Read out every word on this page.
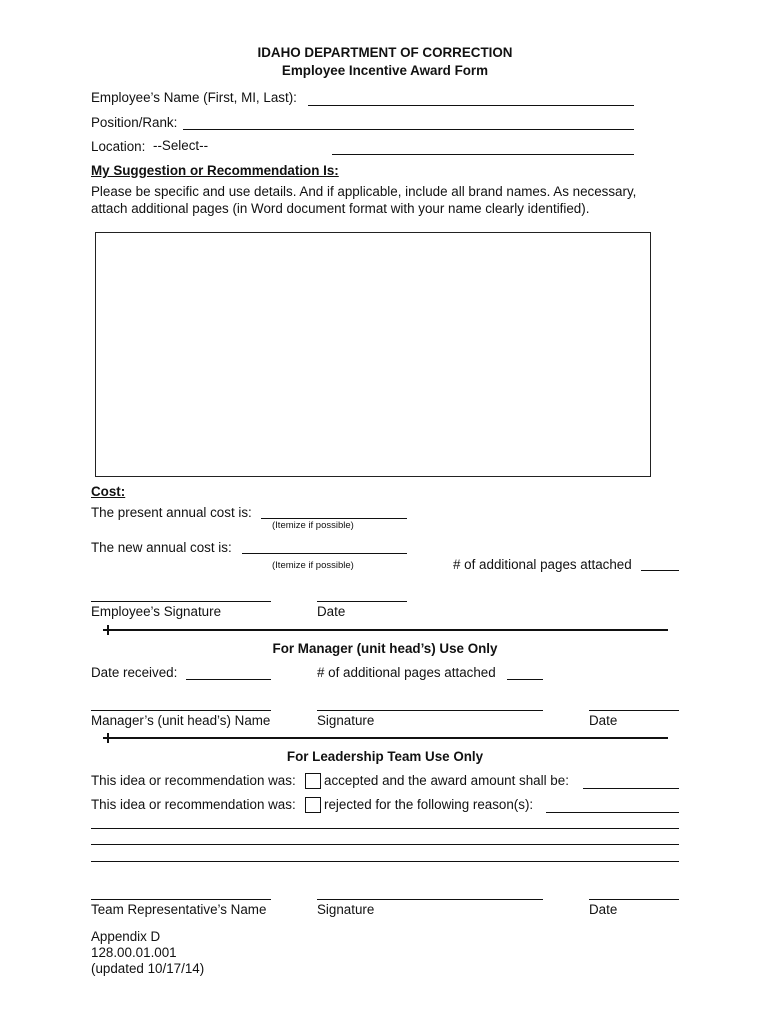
IDAHO DEPARTMENT OF CORRECTION
Employee Incentive Award Form
Employee’s Name (First, MI, Last):
Position/Rank:
Location: --Select--
My Suggestion or Recommendation Is:
Please be specific and use details. And if applicable, include all brand names. As necessary,
attach additional pages (in Word document format with your name clearly identified).
Cost:
The present annual cost is:
(Itemize if possible)
The new annual cost is:
(Itemize if possible)	# of additional pages attached
Employee’s Signature	Date
For Manager (unit head’s) Use Only
Date received:	# of additional pages attached
Manager’s (unit head’s) Name	Signature	Date
For Leadership Team Use Only
This idea or recommendation was: accepted and the award amount shall be:
This idea or recommendation was: rejected for the following reason(s):
Team Representative’s Name	Signature	Date
Appendix D
128.00.01.001
(updated 10/17/14)
